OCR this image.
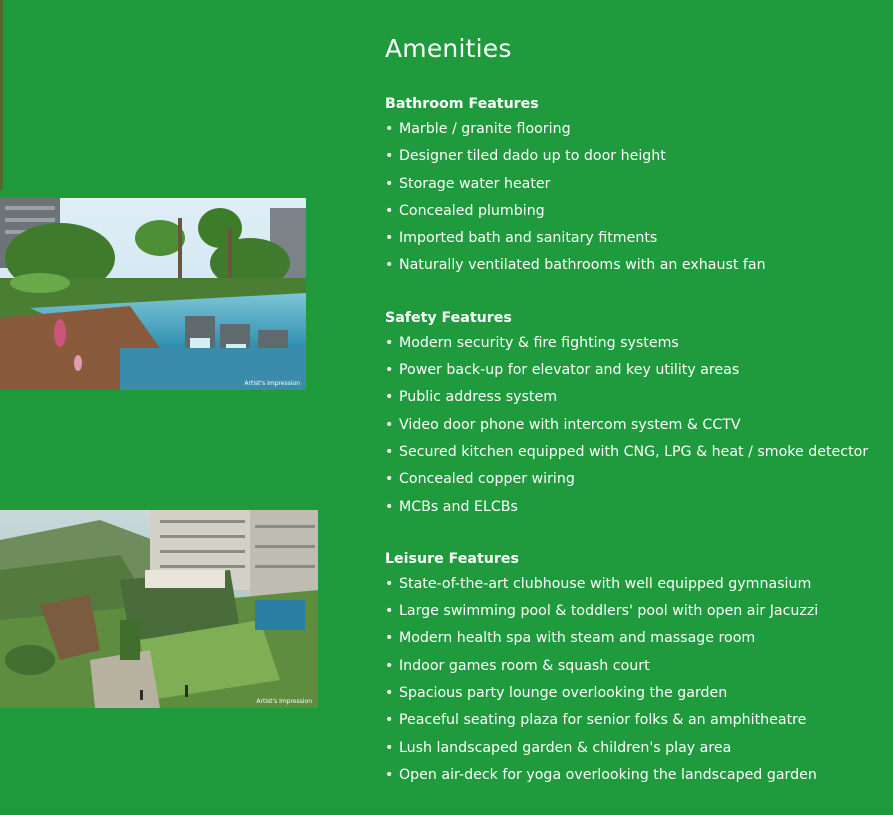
Amenities
Artist's Impression
Artist's Impression
Bathroom Features
• Marble / granite flooring
• Designer tiled dado up to door height
• Storage water heater
• Concealed plumbing
• Imported bath and sanitary fitments
• Naturally ventilated bathrooms with an exhaust fan
Safety Features
• Modern security & fire fighting systems
• Power back-up for elevator and key utility areas
• Public address system
• Video door phone with intercom system & CCTV
• Secured kitchen equipped with CNG, LPG & heat / smoke detector
• Concealed copper wiring
• MCBs and ELCBs
Leisure Features
• State-of-the-art clubhouse with well equipped gymnasium
• Large swimming pool & toddlers' pool with open air Jacuzzi
• Modern health spa with steam and massage room
• Indoor games room & squash court
• Spacious party lounge overlooking the garden
• Peaceful seating plaza for senior folks & an amphitheatre
• Lush landscaped garden & children's play area
• Open air-deck for yoga overlooking the landscaped garden
